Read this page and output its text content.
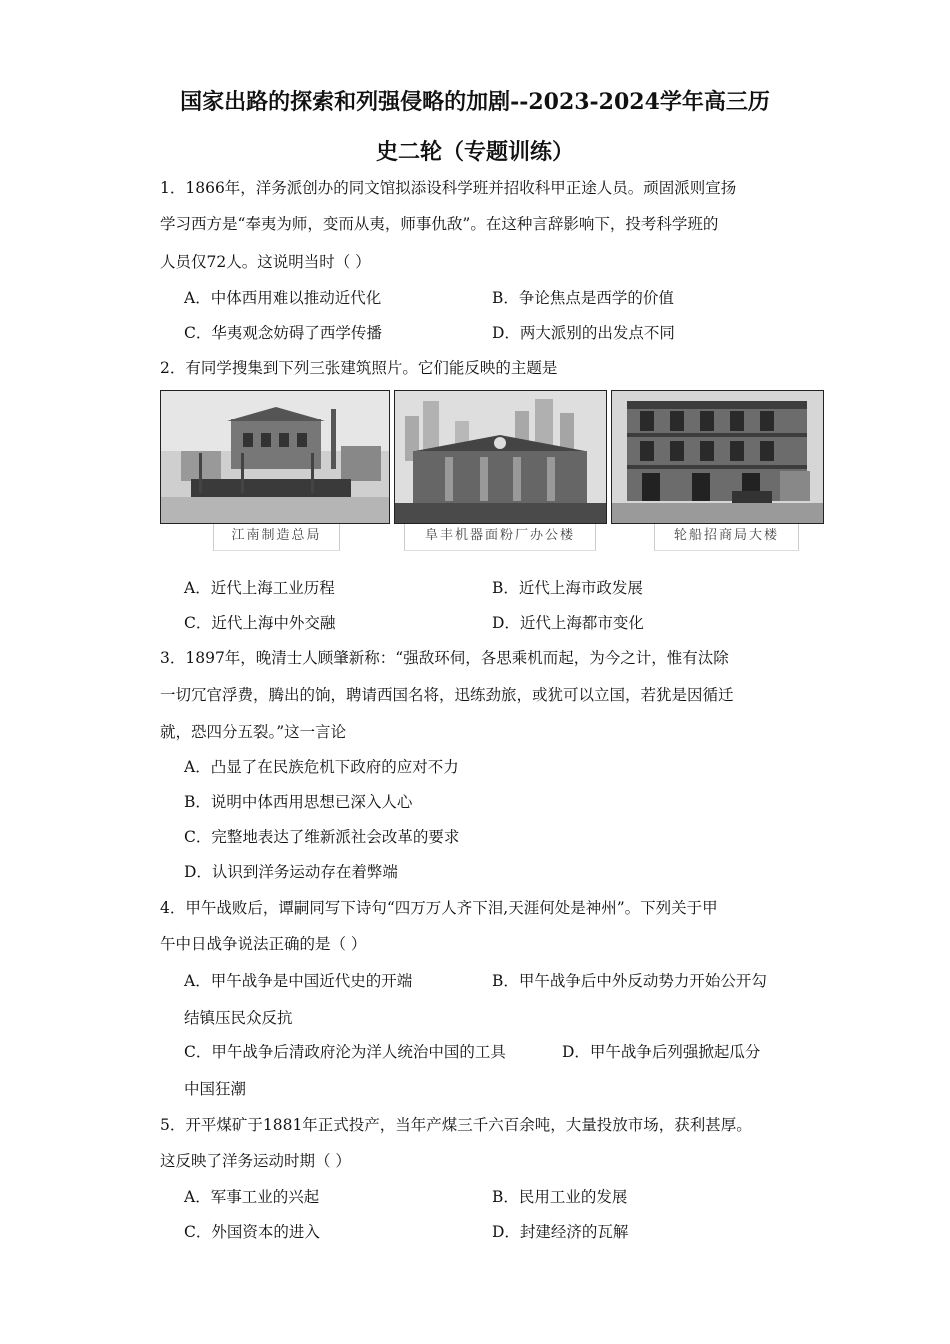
国家出路的探索和列强侵略的加剧--2023-2024学年高三历
史二轮（专题训练）
1．1866年，洋务派创办的同文馆拟添设科学班并招收科甲正途人员。顽固派则宣扬
学习西方是“奉夷为师，变而从夷，师事仇敌”。在这种言辞影响下，投考科学班的
人员仅72人。这说明当时（ ）
A．中体西用难以推动近代化	B．争论焦点是西学的价值
C．华夷观念妨碍了西学传播	D．两大派别的出发点不同
2．有同学搜集到下列三张建筑照片。它们能反映的主题是
江南制造总局	阜丰机器面粉厂办公楼	轮船招商局大楼
A．近代上海工业历程	B．近代上海市政发展
C．近代上海中外交融	D．近代上海都市变化
3．1897年，晚清士人顾肇新称：“强敌环伺，各思乘机而起，为今之计，惟有汰除
一切冗官浮费，腾出的饷，聘请西国名将，迅练劲旅，或犹可以立国，若犹是因循迁
就，恐四分五裂。”这一言论
A．凸显了在民族危机下政府的应对不力
B．说明中体西用思想已深入人心
C．完整地表达了维新派社会改革的要求
D．认识到洋务运动存在着弊端
4．甲午战败后，谭嗣同写下诗句“四万万人齐下泪,天涯何处是神州”。下列关于甲
午中日战争说法正确的是（ ）
A．甲午战争是中国近代史的开端	B．甲午战争后中外反动势力开始公开勾
结镇压民众反抗
C．甲午战争后清政府沦为洋人统治中国的工具	D．甲午战争后列强掀起瓜分
中国狂潮
5．开平煤矿于1881年正式投产，当年产煤三千六百余吨，大量投放市场，获利甚厚。
这反映了洋务运动时期（ ）
A．军事工业的兴起	B．民用工业的发展
C．外国资本的进入	D．封建经济的瓦解
